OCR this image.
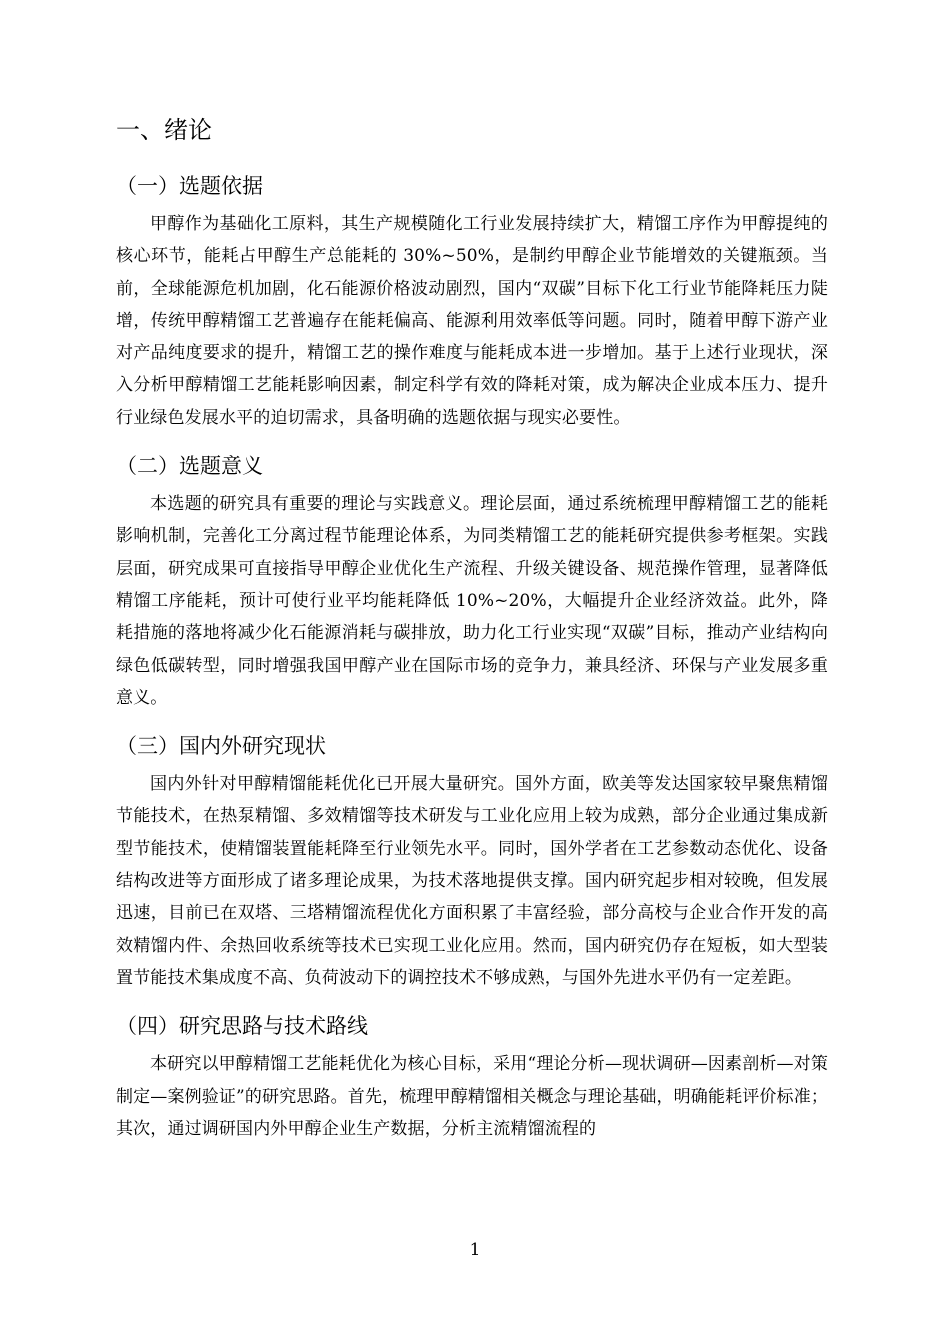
一、绪论
（一）选题依据

甲醇作为基础化工原料，其生产规模随化工行业发展持续扩大，精馏工序作为甲醇提纯的核心环节，能耗占甲醇生产总能耗的 30%~50%，是制约甲醇企业节能增效的关键瓶颈。当前，全球能源危机加剧，化石能源价格波动剧烈，国内“双碳”目标下化工行业节能降耗压力陡增，传统甲醇精馏工艺普遍存在能耗偏高、能源利用效率低等问题。同时，随着甲醇下游产业对产品纯度要求的提升，精馏工艺的操作难度与能耗成本进一步增加。基于上述行业现状，深入分析甲醇精馏工艺能耗影响因素，制定科学有效的降耗对策，成为解决企业成本压力、提升行业绿色发展水平的迫切需求，具备明确的选题依据与现实必要性。

（二）选题意义

本选题的研究具有重要的理论与实践意义。理论层面，通过系统梳理甲醇精馏工艺的能耗影响机制，完善化工分离过程节能理论体系，为同类精馏工艺的能耗研究提供参考框架。实践层面，研究成果可直接指导甲醇企业优化生产流程、升级关键设备、规范操作管理，显著降低精馏工序能耗，预计可使行业平均能耗降低 10%~20%，大幅提升企业经济效益。此外，降耗措施的落地将减少化石能源消耗与碳排放，助力化工行业实现“双碳”目标，推动产业结构向绿色低碳转型，同时增强我国甲醇产业在国际市场的竞争力，兼具经济、环保与产业发展多重意义。

（三）国内外研究现状

国内外针对甲醇精馏能耗优化已开展大量研究。国外方面，欧美等发达国家较早聚焦精馏节能技术，在热泵精馏、多效精馏等技术研发与工业化应用上较为成熟，部分企业通过集成新型节能技术，使精馏装置能耗降至行业领先水平。同时，国外学者在工艺参数动态优化、设备结构改进等方面形成了诸多理论成果，为技术落地提供支撑。国内研究起步相对较晚，但发展迅速，目前已在双塔、三塔精馏流程优化方面积累了丰富经验，部分高校与企业合作开发的高效精馏内件、余热回收系统等技术已实现工业化应用。然而，国内研究仍存在短板，如大型装置节能技术集成度不高、负荷波动下的调控技术不够成熟，与国外先进水平仍有一定差距。

（四）研究思路与技术路线

本研究以甲醇精馏工艺能耗优化为核心目标，采用“理论分析—现状调研—因素剖析—对策制定—案例验证”的研究思路。首先，梳理甲醇精馏相关概念与理论基础，明确能耗评价标准；其次，通过调研国内外甲醇企业生产数据，分析主流精馏流程的

1
